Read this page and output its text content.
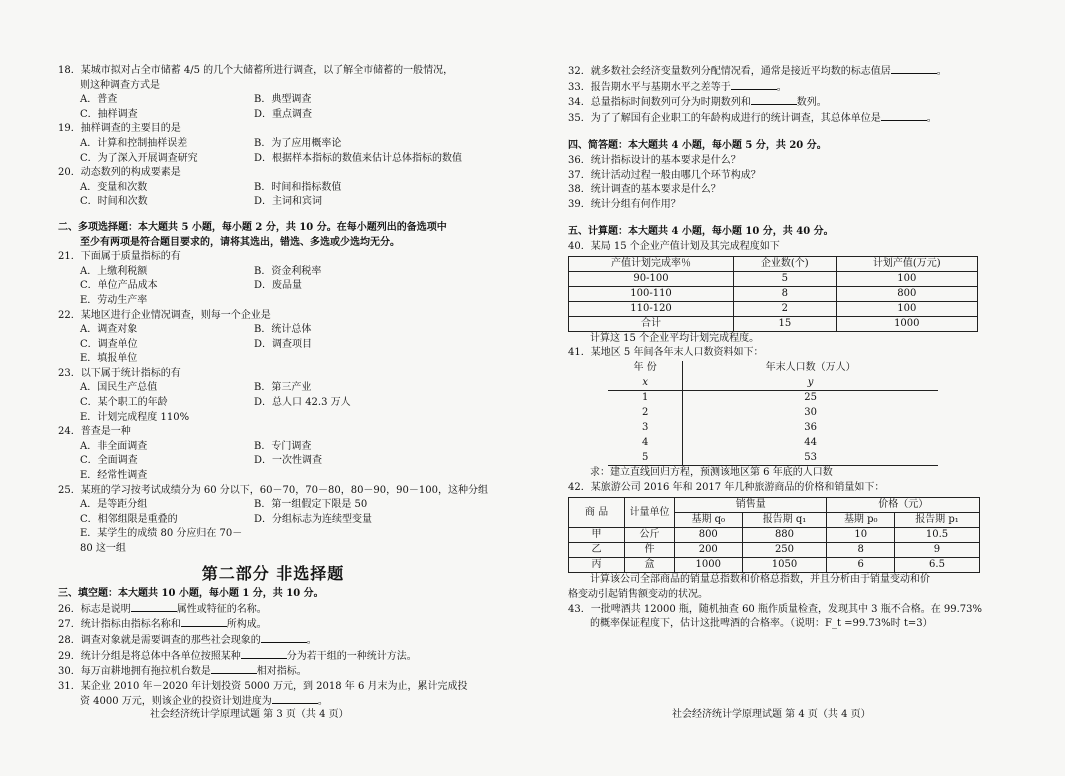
18．某城市拟对占全市储蓄 4/5 的几个大储蓄所进行调查，以了解全市储蓄的一般情况，
则这种调查方式是
A．普查	B．典型调查
C．抽样调查	D．重点调查
19．抽样调查的主要目的是
A．计算和控制抽样误差	B．为了应用概率论
C．为了深入开展调查研究	D．根据样本指标的数值来估计总体指标的数值
20．动态数列的构成要素是
A．变量和次数	B．时间和指标数值
C．时间和次数	D．主词和宾词
二、多项选择题：本大题共 5 小题，每小题 2 分，共 10 分。在每小题列出的备选项中
至少有两项是符合题目要求的，请将其选出，错选、多选或少选均无分。
21．下面属于质量指标的有
A．上缴利税额	B．资金利税率
C．单位产品成本	D．废品量
E．劳动生产率
22．某地区进行企业情况调查，则每一个企业是
A．调查对象	B．统计总体
C．调查单位	D．调查项目
E．填报单位
23．以下属于统计指标的有
A．国民生产总值	B．第三产业
C．某个职工的年龄	D．总人口 42.3 万人
E．计划完成程度 110%
24．普查是一种
A．非全面调查	B．专门调查
C．全面调查	D．一次性调查
E．经常性调查
25．某班的学习按考试成绩分为 60 分以下，60－70，70－80，80－90，90－100，这种分组
A．是等距分组	B．第一组假定下限是 50
C．相邻组限是重叠的	D．分组标志为连续型变量
E．某学生的成绩 80 分应归在 70－80 这一组
第二部分 非选择题
三、填空题：本大题共 10 小题，每小题 1 分，共 10 分。
26．标志是说明	属性或特征的名称。
27．统计指标由指标名称和	所构成。
28．调查对象就是需要调查的那些社会现象的	。
29．统计分组是将总体中各单位按照某种	分为若干组的一种统计方法。
30．每万亩耕地拥有拖拉机台数是	相对指标。
31．某企业 2010 年－2020 年计划投资 5000 万元，到 2018 年 6 月末为止，累计完成投
资 4000 万元，则该企业的投资计划进度为	。
社会经济统计学原理试题 第 3 页（共 4 页）
32．就多数社会经济变量数列分配情况看，通常是接近平均数的标志值居	。
33．报告期水平与基期水平之差等于	。
34．总量指标时间数列可分为时期数列和	数列。
35．为了了解国有企业职工的年龄构成进行的统计调查，其总体单位是	。
四、简答题：本大题共 4 小题，每小题 5 分，共 20 分。
36．统计指标设计的基本要求是什么？
37．统计活动过程一般由哪几个环节构成？
38．统计调查的基本要求是什么？
39．统计分组有何作用？
五、计算题：本大题共 4 小题，每小题 10 分，共 40 分。
40．某局 15 个企业产值计划及其完成程度如下
产值计划完成率％	企业数(个)	计划产值(万元)
90-100	5	100
100-110	8	800
110-120	2	100
合计	15	1000
计算这 15 个企业平均计划完成程度。
41．某地区 5 年间各年末人口数资料如下：
年 份	年末人口数（万人）
x	y
1	25
2	30
3	36
4	44
5	53
求：建立直线回归方程，预测该地区第 6 年底的人口数
42．某旅游公司 2016 年和 2017 年几种旅游商品的价格和销量如下：
商 品	计量单位	销售量		价格（元）	
		基期 q₀	报告期 q₁	基期 p₀	报告期 p₁
甲	公斤	800	880	10	10.5
乙	件	200	250	8	9
丙	盒	1000	1050	6	6.5
计算该公司全部商品的销量总指数和价格总指数，并且分析由于销量变动和价
格变动引起销售额变动的状况。
43．一批啤酒共 12000 瓶，随机抽查 60 瓶作质量检查，发现其中 3 瓶不合格。在 99.73%
的概率保证程度下，估计这批啤酒的合格率。（说明：F_t =99.73%时 t=3）
社会经济统计学原理试题 第 4 页（共 4 页）
